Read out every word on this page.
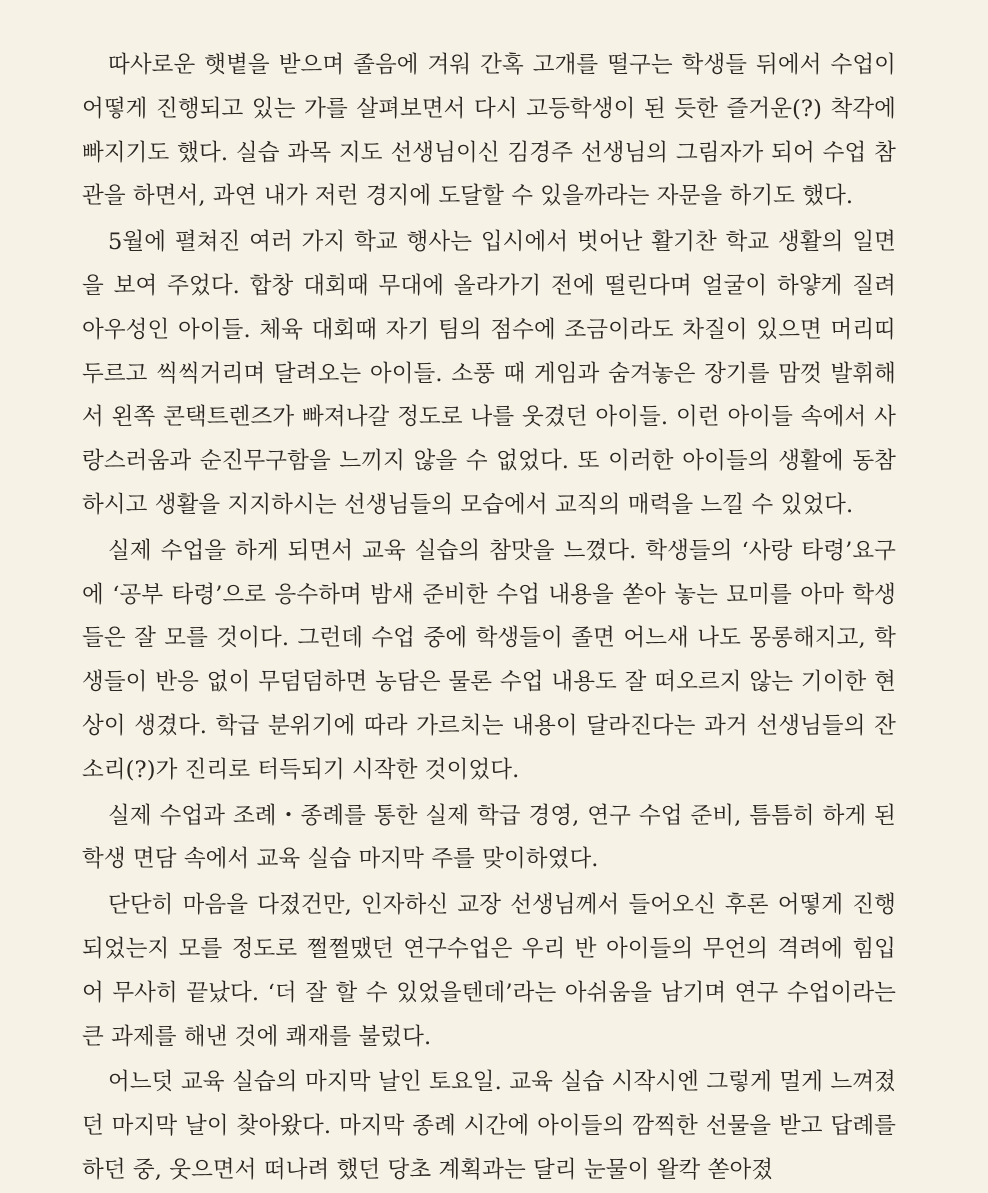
따사로운 햇볕을 받으며 졸음에 겨워 간혹 고개를 떨구는 학생들 뒤에서 수업이 어떻게 진행되고 있는 가를 살펴보면서 다시 고등학생이 된 듯한 즐거운(?) 착각에 빠지기도 했다. 실습 과목 지도 선생님이신 김경주 선생님의 그림자가 되어 수업 참관을 하면서, 과연 내가 저런 경지에 도달할 수 있을까라는 자문을 하기도 했다.

5월에 펼쳐진 여러 가지 학교 행사는 입시에서 벗어난 활기찬 학교 생활의 일면을 보여 주었다. 합창 대회때 무대에 올라가기 전에 떨린다며 얼굴이 하얗게 질려 아우성인 아이들. 체육 대회때 자기 팀의 점수에 조금이라도 차질이 있으면 머리띠 두르고 씩씩거리며 달려오는 아이들. 소풍 때 게임과 숨겨놓은 장기를 맘껏 발휘해서 왼쪽 콘택트렌즈가 빠져나갈 정도로 나를 웃겼던 아이들. 이런 아이들 속에서 사랑스러움과 순진무구함을 느끼지 않을 수 없었다. 또 이러한 아이들의 생활에 동참하시고 생활을 지지하시는 선생님들의 모습에서 교직의 매력을 느낄 수 있었다.

실제 수업을 하게 되면서 교육 실습의 참맛을 느꼈다. 학생들의 ‘사랑 타령’요구에 ‘공부 타령’으로 응수하며 밤새 준비한 수업 내용을 쏟아 놓는 묘미를 아마 학생들은 잘 모를 것이다. 그런데 수업 중에 학생들이 졸면 어느새 나도 몽롱해지고, 학생들이 반응 없이 무덤덤하면 농담은 물론 수업 내용도 잘 떠오르지 않는 기이한 현상이 생겼다. 학급 분위기에 따라 가르치는 내용이 달라진다는 과거 선생님들의 잔소리(?)가 진리로 터득되기 시작한 것이었다.

실제 수업과 조례・종례를 통한 실제 학급 경영, 연구 수업 준비, 틈틈히 하게 된 학생 면담 속에서 교육 실습 마지막 주를 맞이하였다.

단단히 마음을 다졌건만, 인자하신 교장 선생님께서 들어오신 후론 어떻게 진행되었는지 모를 정도로 쩔쩔맸던 연구수업은 우리 반 아이들의 무언의 격려에 힘입어 무사히 끝났다. ‘더 잘 할 수 있었을텐데’라는 아쉬움을 남기며 연구 수업이라는 큰 과제를 해낸 것에 쾌재를 불렀다.

어느덧 교육 실습의 마지막 날인 토요일. 교육 실습 시작시엔 그렇게 멀게 느껴졌던 마지막 날이 찾아왔다. 마지막 종례 시간에 아이들의 깜찍한 선물을 받고 답례를 하던 중, 웃으면서 떠나려 했던 당초 계획과는 달리 눈물이 왈칵 쏟아졌
